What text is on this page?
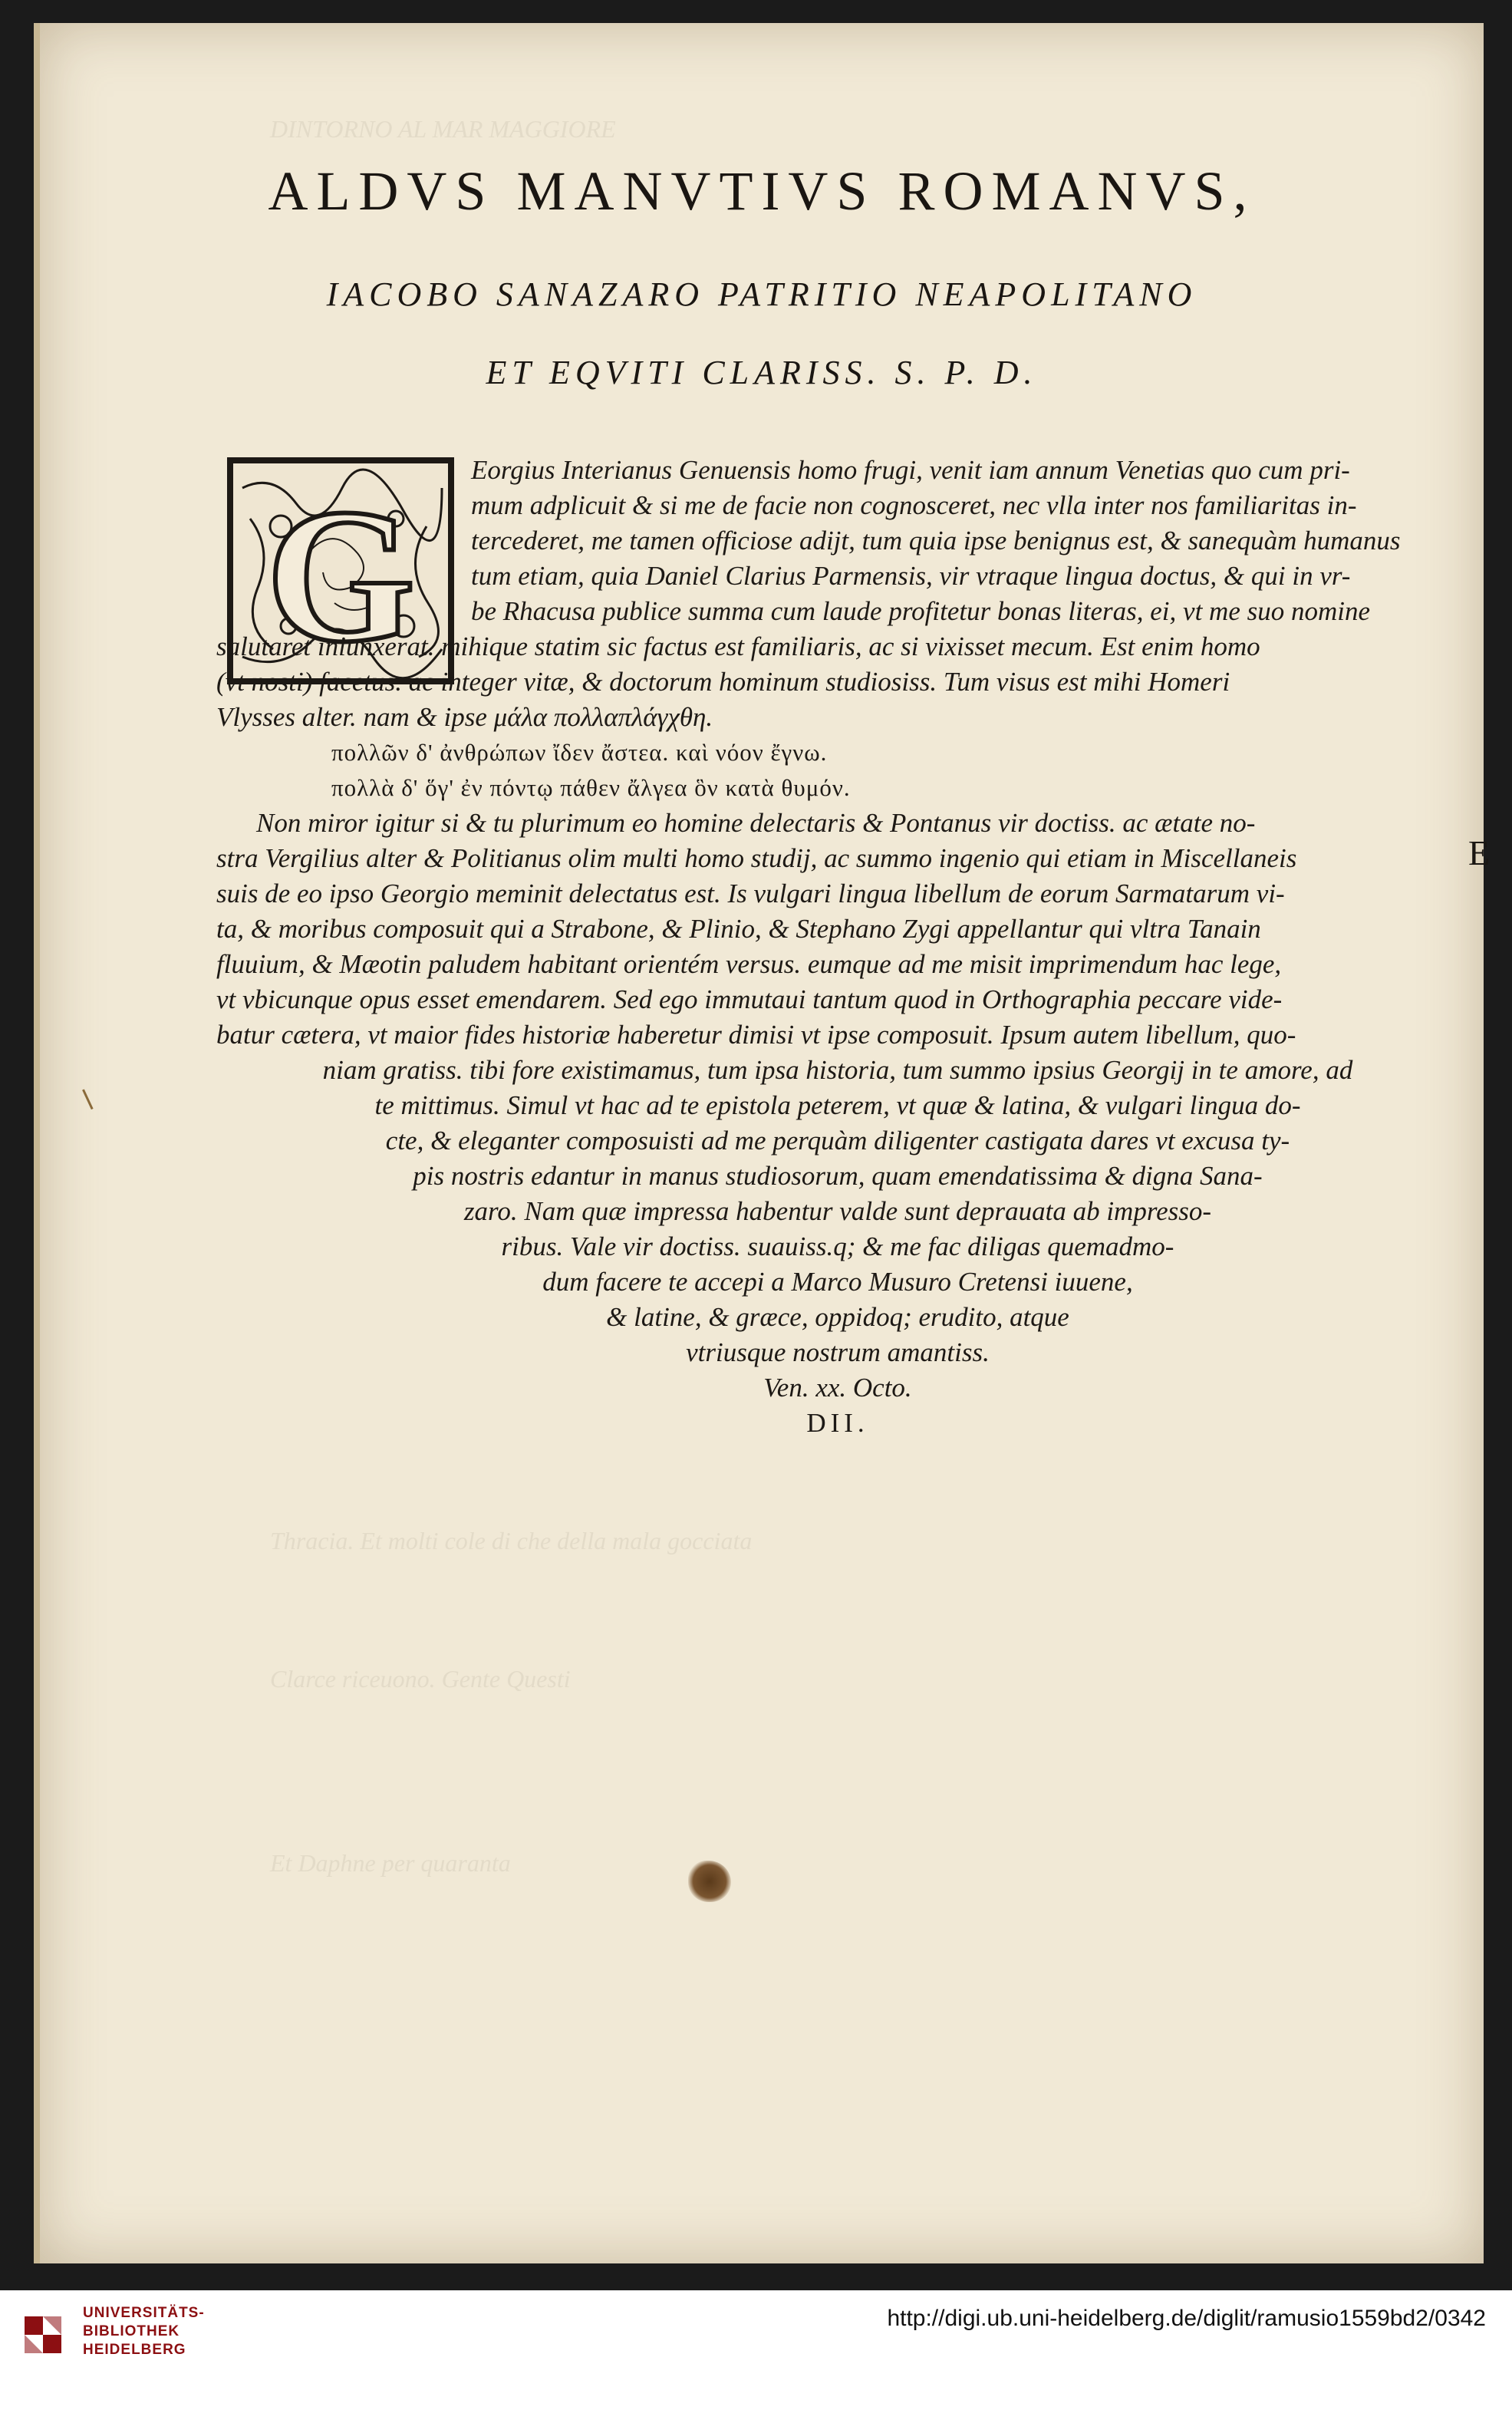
DINTORNO AL MAR MAGGIORE
ALDVS MANVTIVS ROMANVS,
IACOBO SANAZARO PATRITIO NEAPOLITANO
ET EQVITI CLARISS. S. P. D.
G	Eorgius Interianus Genuensis homo frugi, venit iam annum Venetias quo cum pri-
mum adplicuit & si me de facie non cognosceret, nec vlla inter nos familiaritas in-
tercederet, me tamen officiose adijt, tum quia ipse benignus est, & sanequàm humanus
tum etiam, quia Daniel Clarius Parmensis, vir vtraque lingua doctus, & qui in vr-
be Rhacusa publice summa cum laude profitetur bonas literas, ei, vt me suo nomine
salutaret iniunxerat. mihique statim sic factus est familiaris, ac si vixisset mecum. Est enim homo
(vt nosti) facetus. ac integer vitæ, & doctorum hominum studiosiss. Tum visus est mihi Homeri
Vlysses alter. nam & ipse μάλα πολλαπλάγχθη.
πολλῶν δ' ἀνθρώπων ἴδεν ἄστεα. καὶ νόον ἔγνω.
πολλὰ δ' ὅγ' ἐν πόντῳ πάθεν ἄλγεα ὃν κατὰ θυμόν.
Non miror igitur si & tu plurimum eo homine delectaris & Pontanus vir doctiss. ac ætate no-
stra Vergilius alter & Politianus olim multi homo studij, ac summo ingenio qui etiam in Miscellaneis
suis de eo ipso Georgio meminit delectatus est. Is vulgari lingua libellum de eorum Sarmatarum vi-
ta, & moribus composuit qui a Strabone, & Plinio, & Stephano Zygi appellantur qui vltra Tanain
fluuium, & Mæotin paludem habitant orientém versus. eumque ad me misit imprimendum hac lege,
vt vbicunque opus esset emendarem. Sed ego immutaui tantum quod in Orthographia peccare vide-
batur cætera, vt maior fides historiæ haberetur dimisi vt ipse composuit. Ipsum autem libellum, quo-
niam gratiss. tibi fore existimamus, tum ipsa historia, tum summo ipsius Georgij in te amore, ad
te mittimus. Simul vt hac ad te epistola peterem, vt quæ & latina, & vulgari lingua do-
cte, & eleganter composuisti ad me perquàm diligenter castigata dares vt excusa ty-
pis nostris edantur in manus studiosorum, quam emendatissima & digna Sana-
zaro. Nam quæ impressa habentur valde sunt deprauata ab impresso-
ribus. Vale vir doctiss. suauiss.q; & me fac diligas quemadmo-
dum facere te accepi a Marco Musuro Cretensi iuuene,
& latine, & græce, oppidoq; erudito, atque
vtriusque nostrum amantiss.
Ven. xx. Octo.
DII.
E
Thracia. Et molti cole di che della mala gocciata
Clarce riceuono. Gente Questi
Et Daphne per quaranta
UNIVERSITÄTS-
BIBLIOTHEK
HEIDELBERG
http://digi.ub.uni-heidelberg.de/diglit/ramusio1559bd2/0342
